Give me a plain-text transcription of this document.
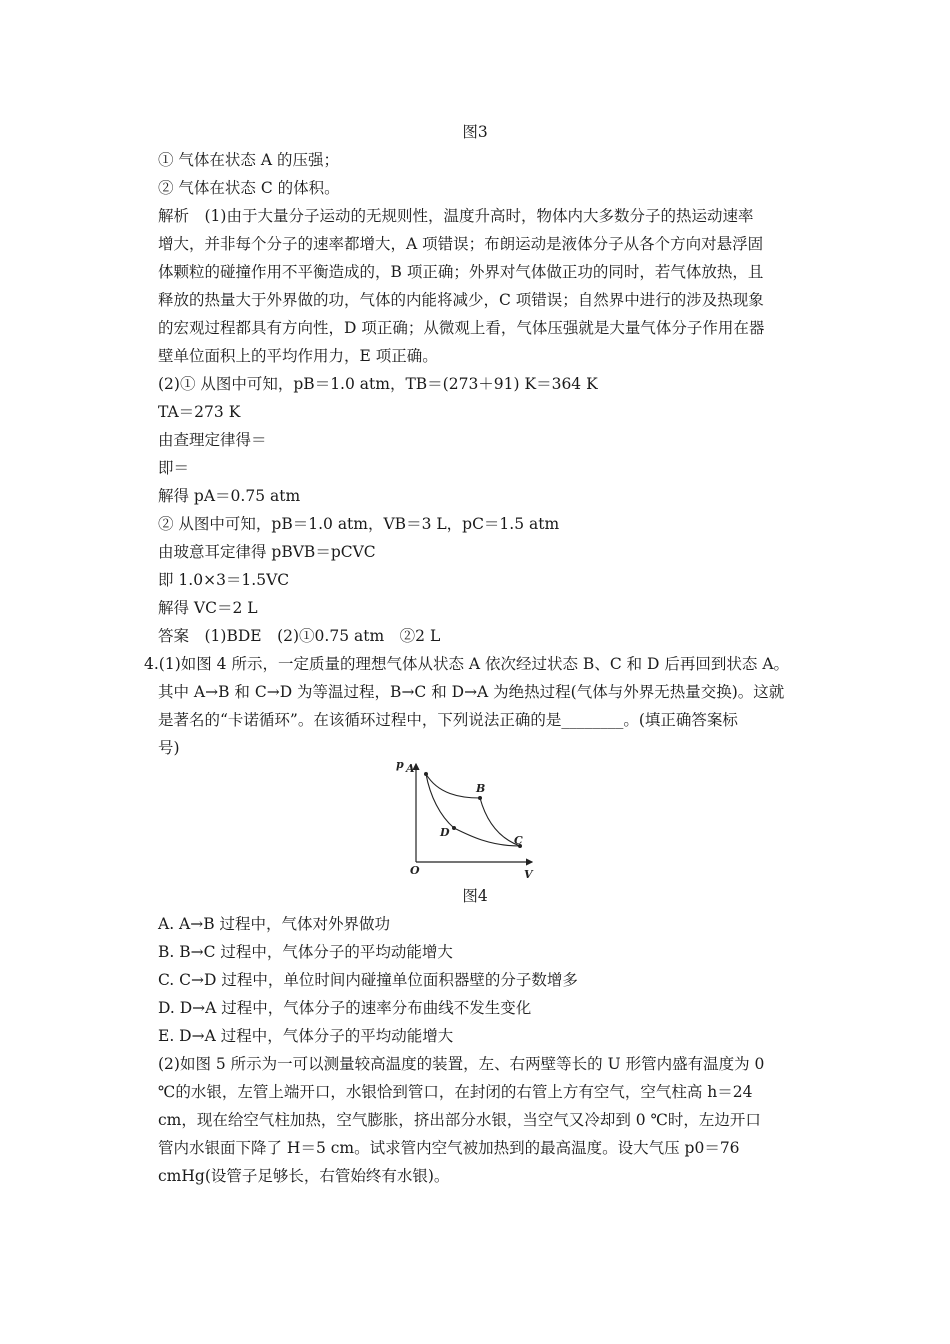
图3
① 气体在状态 A 的压强；
② 气体在状态 C 的体积。
解析　(1)由于大量分子运动的无规则性，温度升高时，物体内大多数分子的热运动速率
增大，并非每个分子的速率都增大，A 项错误；布朗运动是液体分子从各个方向对悬浮固
体颗粒的碰撞作用不平衡造成的，B 项正确；外界对气体做正功的同时，若气体放热，且
释放的热量大于外界做的功，气体的内能将减少，C 项错误；自然界中进行的涉及热现象
的宏观过程都具有方向性，D 项正确；从微观上看，气体压强就是大量气体分子作用在器
壁单位面积上的平均作用力，E 项正确。
(2)① 从图中可知，pB＝1.0 atm，TB＝(273＋91) K＝364 K
TA＝273 K
由查理定律得＝
即＝
解得 pA＝0.75 atm
② 从图中可知，pB＝1.0 atm，VB＝3 L，pC＝1.5 atm
由玻意耳定律得 pBVB＝pCVC
即 1.0×3＝1.5VC
解得 VC＝2 L
答案　(1)BDE　(2)①0.75 atm　②2 L
4.(1)如图 4 所示，一定质量的理想气体从状态 A 依次经过状态 B、C 和 D 后再回到状态 A。
其中 A→B 和 C→D 为等温过程，B→C 和 D→A 为绝热过程(气体与外界无热量交换)。这就
是著名的“卡诺循环”。在该循环过程中，下列说法正确的是________。(填正确答案标
号)
p A
B
C
D
O	V
图4
A. A→B 过程中，气体对外界做功
B. B→C 过程中，气体分子的平均动能增大
C. C→D 过程中，单位时间内碰撞单位面积器壁的分子数增多
D. D→A 过程中，气体分子的速率分布曲线不发生变化
E. D→A 过程中，气体分子的平均动能增大
(2)如图 5 所示为一可以测量较高温度的装置，左、右两壁等长的 U 形管内盛有温度为 0
℃的水银，左管上端开口，水银恰到管口，在封闭的右管上方有空气，空气柱高 h＝24
cm，现在给空气柱加热，空气膨胀，挤出部分水银，当空气又冷却到 0 ℃时，左边开口
管内水银面下降了 H＝5 cm。试求管内空气被加热到的最高温度。设大气压 p0＝76
cmHg(设管子足够长，右管始终有水银)。
